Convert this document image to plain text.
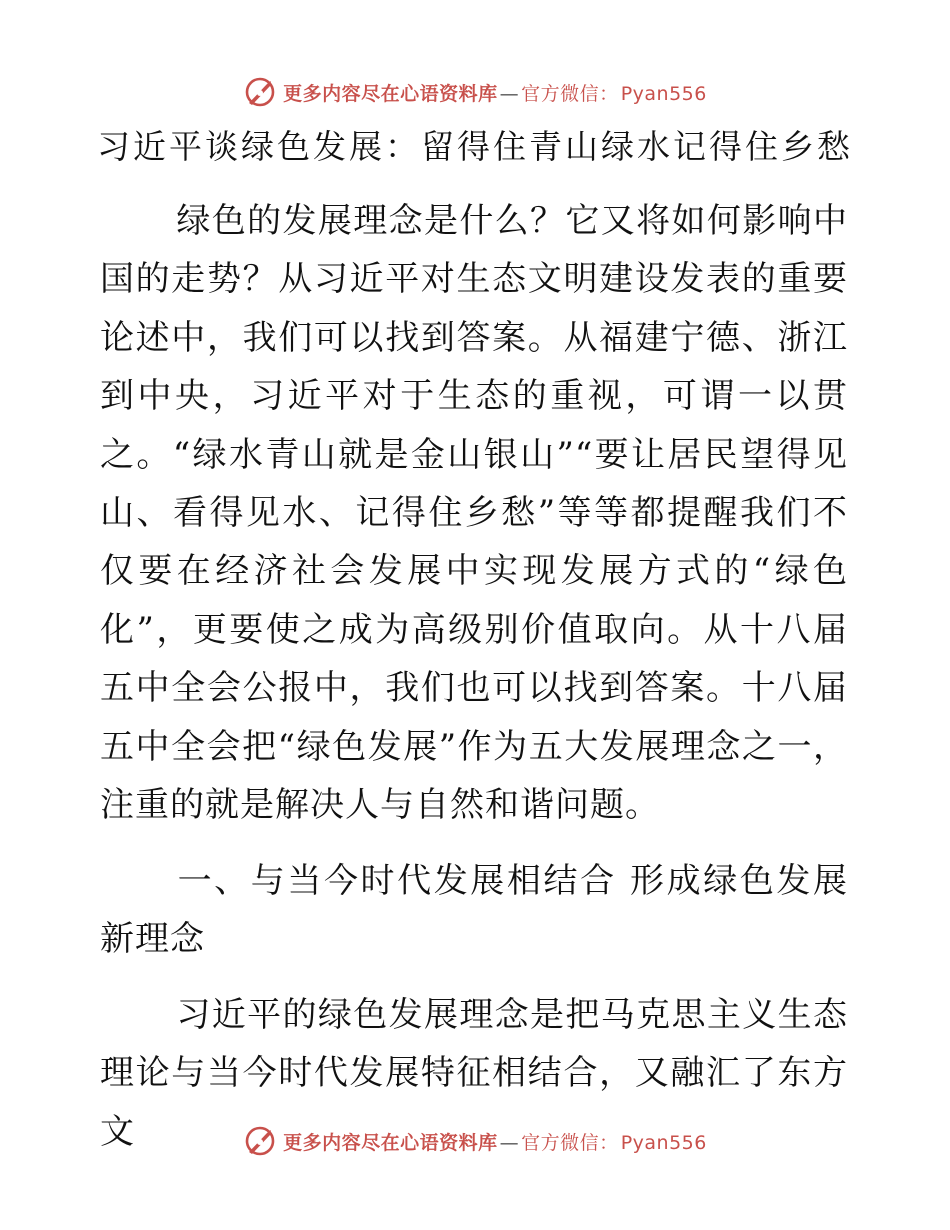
更多内容尽在心语资料库 — 官方微信： Pyan556
习近平谈绿色发展：留得住青山绿水记得住乡愁
绿色的发展理念是什么？它又将如何影响中国的走势？从习近平对生态文明建设发表的重要论述中，我们可以找到答案。从福建宁德、浙江到中央，习近平对于生态的重视，可谓一以贯之。“绿水青山就是金山银山”“要让居民望得见山、看得见水、记得住乡愁”等等都提醒我们不仅要在经济社会发展中实现发展方式的“绿色化”，更要使之成为高级别价值取向。从十八届五中全会公报中，我们也可以找到答案。十八届五中全会把“绿色发展”作为五大发展理念之一，注重的就是解决人与自然和谐问题。
一、与当今时代发展相结合 形成绿色发展新理念
习近平的绿色发展理念是把马克思主义生态理论与当今时代发展特征相结合，又融汇了东方文	更多内容尽在心语资料库 — 官方微信： Pyan556
